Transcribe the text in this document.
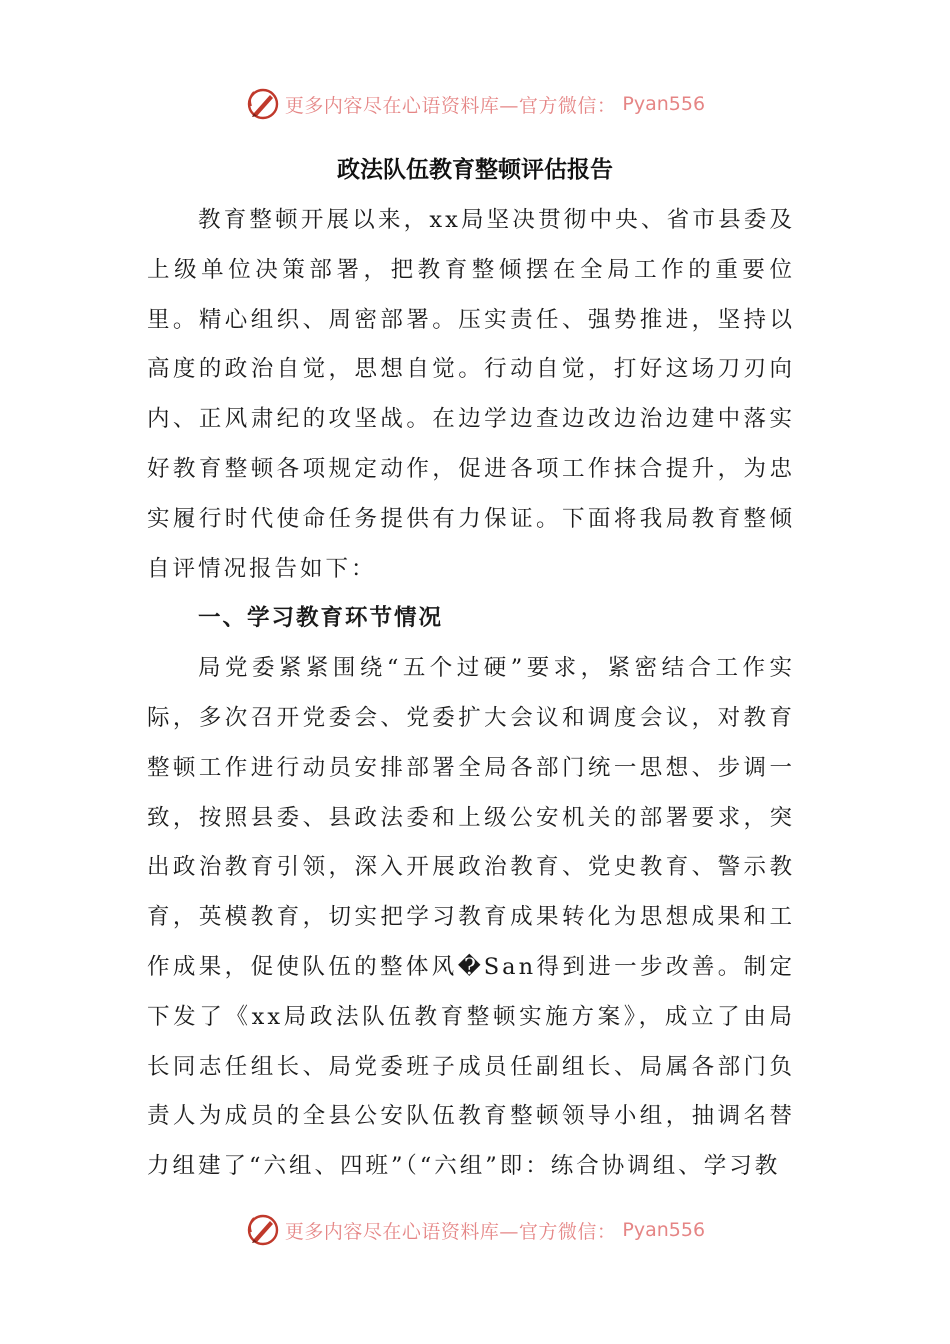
更多内容尽在心语资料库—官方微信： Pyan556
政法队伍教育整顿评估报告

教育整顿开展以来，xx局坚决贯彻中央、省市县委及上级单位决策部署，把教育整倾摆在全局工作的重要位里。精心组织、周密部署。压实责任、强势推进，坚持以高度的政治自觉，思想自觉。行动自觉，打好这场刀刃向内、正风肃纪的攻坚战。在边学边查边改边治边建中落实好教育整顿各项规定动作，促进各项工作抹合提升，为忠实履行时代使命任务提供有力保证。下面将我局教育整倾自评情况报告如下：

一、学习教育环节情况

局党委紧紧围绕“五个过硬”要求，紧密结合工作实际，多次召开党委会、党委扩大会议和调度会议，对教育整顿工作进行动员安排部署全局各部门统一思想、步调一致，按照县委、县政法委和上级公安机关的部署要求，突出政治教育引领，深入开展政治教育、党史教育、警示教育，英模教育，切实把学习教育成果转化为思想成果和工作成果，促使队伍的整体风�San得到进一步改善。制定下发了《xx局政法队伍教育整顿实施方案》，成立了由局长同志任组长、局党委班子成员任副组长、局属各部门负责人为成员的全县公安队伍教育整顿领导小组，抽调名替力组建了“六组、四班”（“六组”即：练合协调组、学习教

更多内容尽在心语资料库—官方微信： Pyan556
